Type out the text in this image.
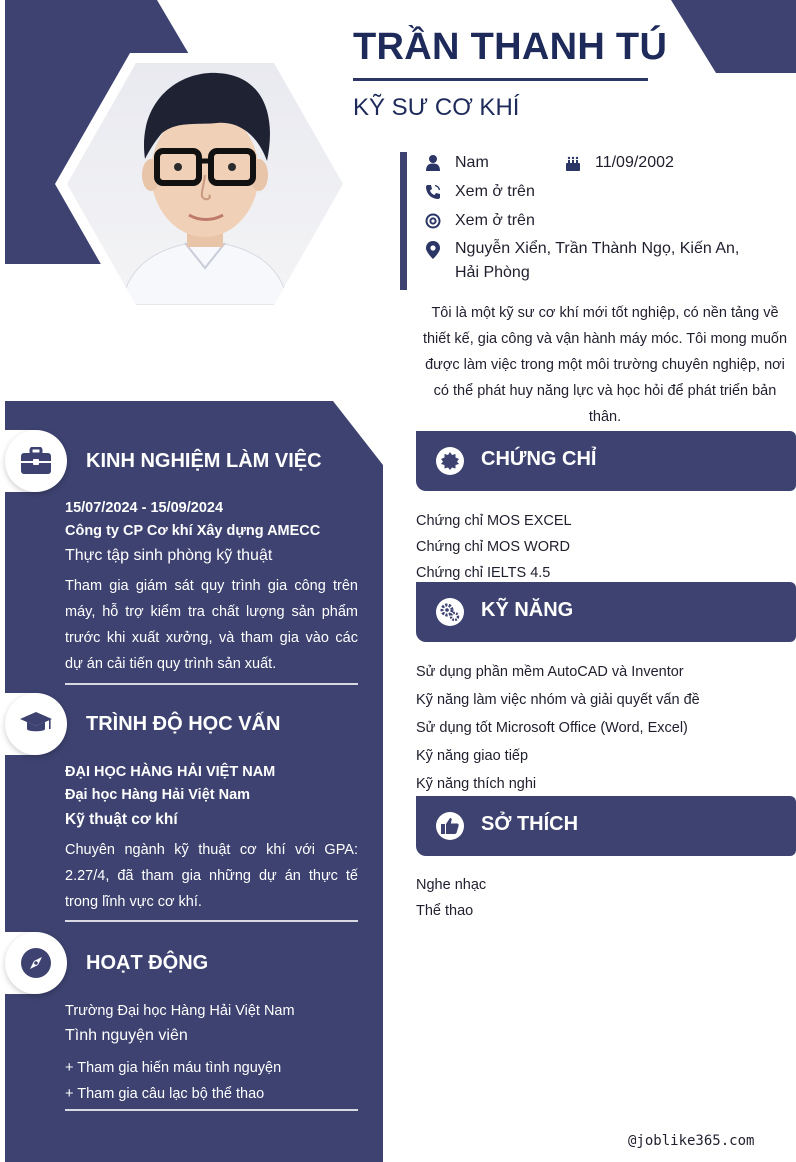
TRẦN THANH TÚ
KỸ SƯ CƠ KHÍ
Nam	11/09/2002
Xem ở trên
Xem ở trên
Nguyễn Xiển, Trần Thành Ngọ, Kiến An,
Hải Phòng
Tôi là một kỹ sư cơ khí mới tốt nghiệp, có nền tảng về thiết kế, gia công và vận hành máy móc. Tôi mong muốn được làm việc trong một môi trường chuyên nghiệp, nơi có thể phát huy năng lực và học hỏi để phát triển bản thân.
KINH NGHIỆM LÀM VIỆC
15/07/2024 - 15/09/2024
Công ty CP Cơ khí Xây dựng AMECC
Thực tập sinh phòng kỹ thuật
Tham gia giám sát quy trình gia công trên máy, hỗ trợ kiểm tra chất lượng sản phẩm trước khi xuất xưởng, và tham gia vào các dự án cải tiến quy trình sản xuất.
TRÌNH ĐỘ HỌC VẤN
ĐẠI HỌC HÀNG HẢI VIỆT NAM
Đại học Hàng Hải Việt Nam
Kỹ thuật cơ khí
Chuyên ngành kỹ thuật cơ khí với GPA: 2.27/4, đã tham gia những dự án thực tế trong lĩnh vực cơ khí.
HOẠT ĐỘNG
Trường Đại học Hàng Hải Việt Nam
Tình nguyện viên
+ Tham gia hiến máu tình nguyện
+ Tham gia câu lạc bộ thể thao
CHỨNG CHỈ
Chứng chỉ MOS EXCEL
Chứng chỉ MOS WORD
Chứng chỉ IELTS 4.5
KỸ NĂNG
Sử dụng phần mềm AutoCAD và Inventor
Kỹ năng làm việc nhóm và giải quyết vấn đề
Sử dụng tốt Microsoft Office (Word, Excel)
Kỹ năng giao tiếp
Kỹ năng thích nghi
SỞ THÍCH
Nghe nhạc
Thể thao
@joblike365.com
